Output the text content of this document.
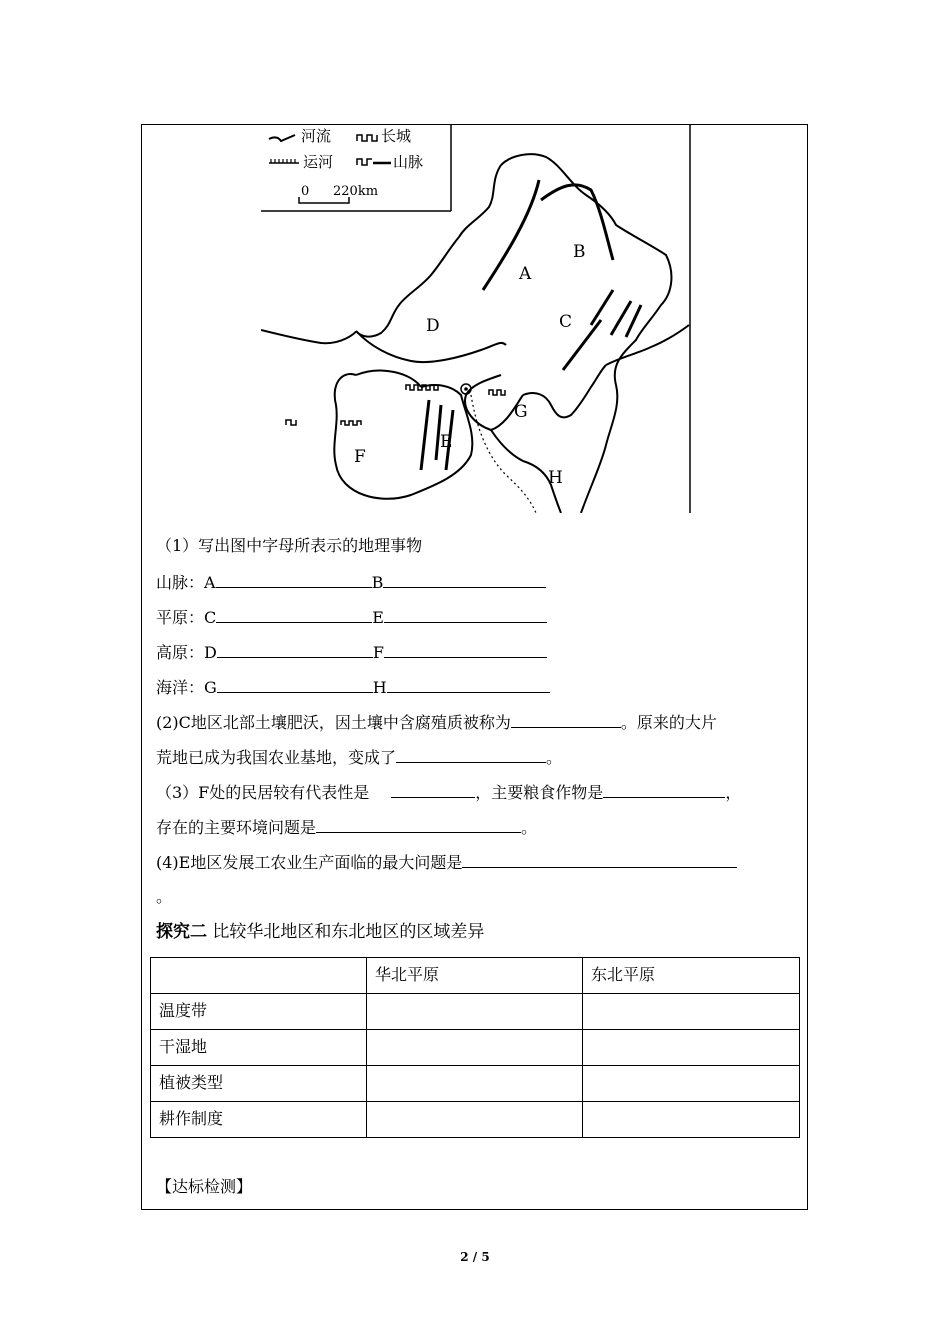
河流	长城
运河	山脉
0 220km
A
B
C
D
E
F
G
H
（1）写出图中字母所表示的地理事物
山脉：A	B
平原：C	E
高原：D	F
海洋：G	H
(2)C地区北部土壤肥沃，因土壤中含腐殖质被称为	。原来的大片
荒地已成为我国农业基地，变成了	。
（3）F处的民居较有代表性是	，主要粮食作物是	，
存在的主要环境问题是	。
(4)E地区发展工农业生产面临的最大问题是
。
探究二 比较华北地区和东北地区的区域差异
	华北平原	东北平原
温度带		
干湿地		
植被类型		
耕作制度		
【达标检测】
2 / 5
